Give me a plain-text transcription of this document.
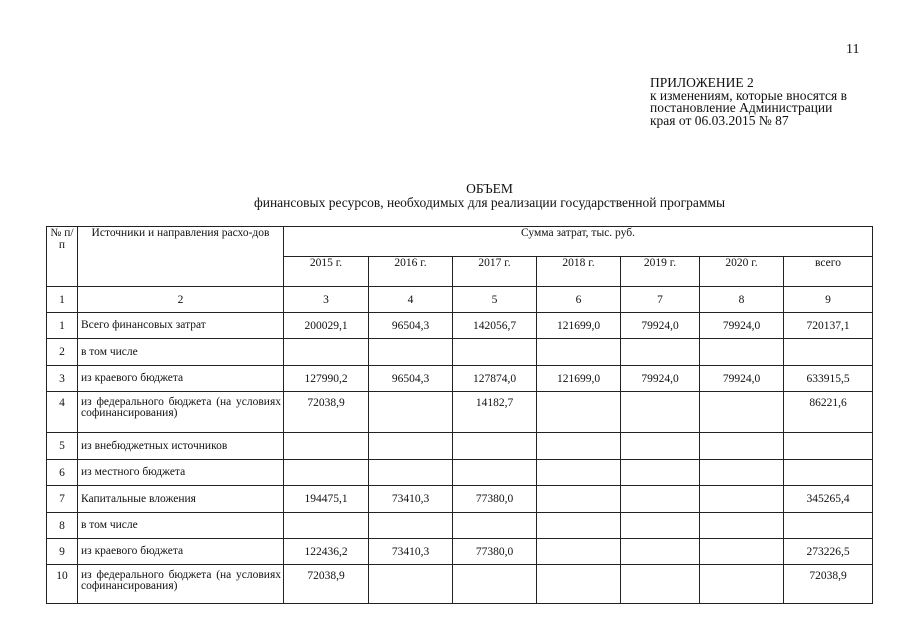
11
ПРИЛОЖЕНИЕ 2
к изменениям, которые вносятся в
постановление Администрации
края от 06.03.2015 № 87
ОБЪЕМ
финансовых ресурсов, необходимых для реализации государственной программы
№ п/п	Источники и направления расхо-дов	Сумма затрат, тыс. руб.						
		2015 г.	2016 г.	2017 г.	2018 г.	2019 г.	2020 г.	всего
1	2	3	4	5	6	7	8	9
1	Всего финансовых затрат	200029,1	96504,3	142056,7	121699,0	79924,0	79924,0	720137,1
2	в том числе							
3	из краевого бюджета	127990,2	96504,3	127874,0	121699,0	79924,0	79924,0	633915,5
4	из федерального бюджета (на условиях софинансирования)	72038,9		14182,7				86221,6
5	из внебюджетных источников							
6	из местного бюджета							
7	Капитальные вложения	194475,1	73410,3	77380,0				345265,4
8	в том числе							
9	из краевого бюджета	122436,2	73410,3	77380,0				273226,5
10	из федерального бюджета (на условиях софинансирования)	72038,9						72038,9
